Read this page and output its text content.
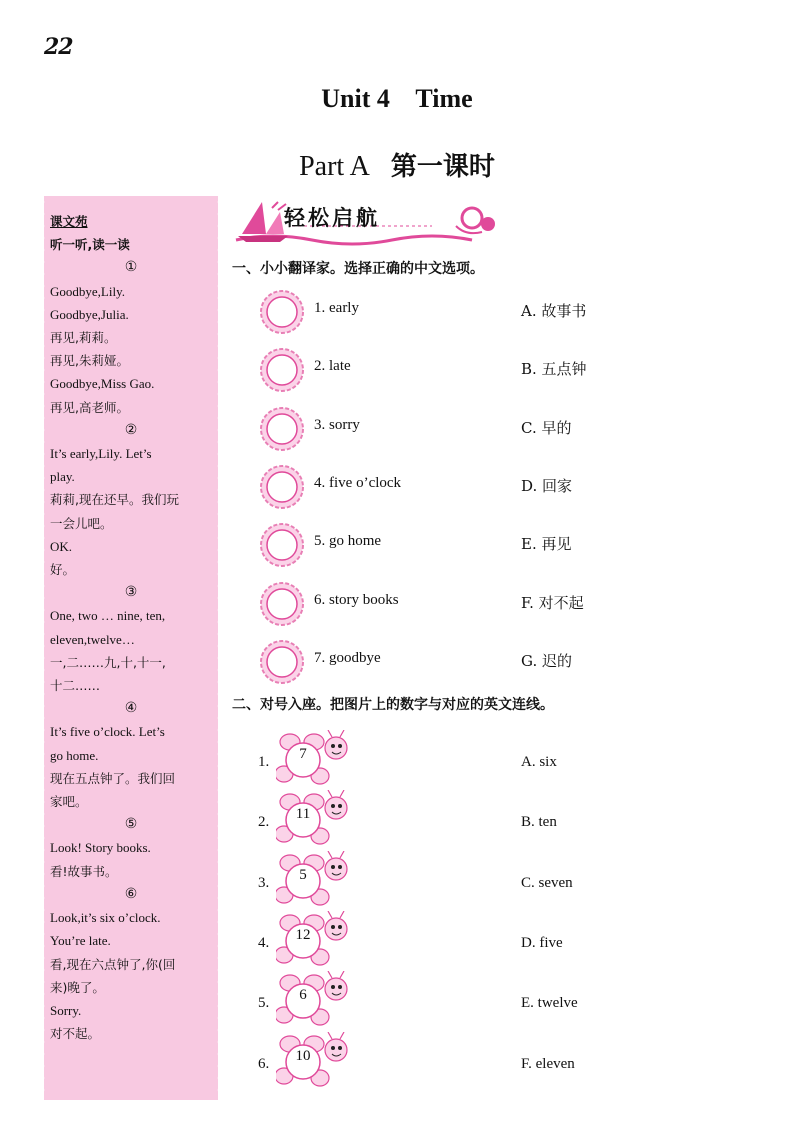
22
Unit 4    Time
Part A 第一课时
课文苑
听一听,读一读
①
Goodbye,Lily.
Goodbye,Julia.
再见,莉莉。
再见,朱莉娅。
Goodbye,Miss Gao.
再见,高老师。
②
It’s early,Lily. Let’s
play.
莉莉,现在还早。我们玩
一会儿吧。
OK.
好。
③
One, two … nine, ten,
eleven,twelve…
一,二……九,十,十一,
十二……
④
It’s five o’clock. Let’s
go home.
现在五点钟了。我们回
家吧。
⑤
Look! Story books.
看!故事书。
⑥
Look,it’s six o’clock.
You’re late.
看,现在六点钟了,你(回
来)晚了。
Sorry.
对不起。
轻松启航
一、小小翻译家。选择正确的中文选项。
1. early	A. 故事书
2. late	B. 五点钟
3. sorry	C. 早的
4. five o’clock	D. 回家
5. go home	E. 再见
6. story books	F. 对不起
7. goodbye	G. 迟的
二、对号入座。把图片上的数字与对应的英文连线。
1.	7	A. six
2.	11	B. ten
3.	5	C. seven
4.	12	D. five
5.	6	E. twelve
6.	10	F. eleven
